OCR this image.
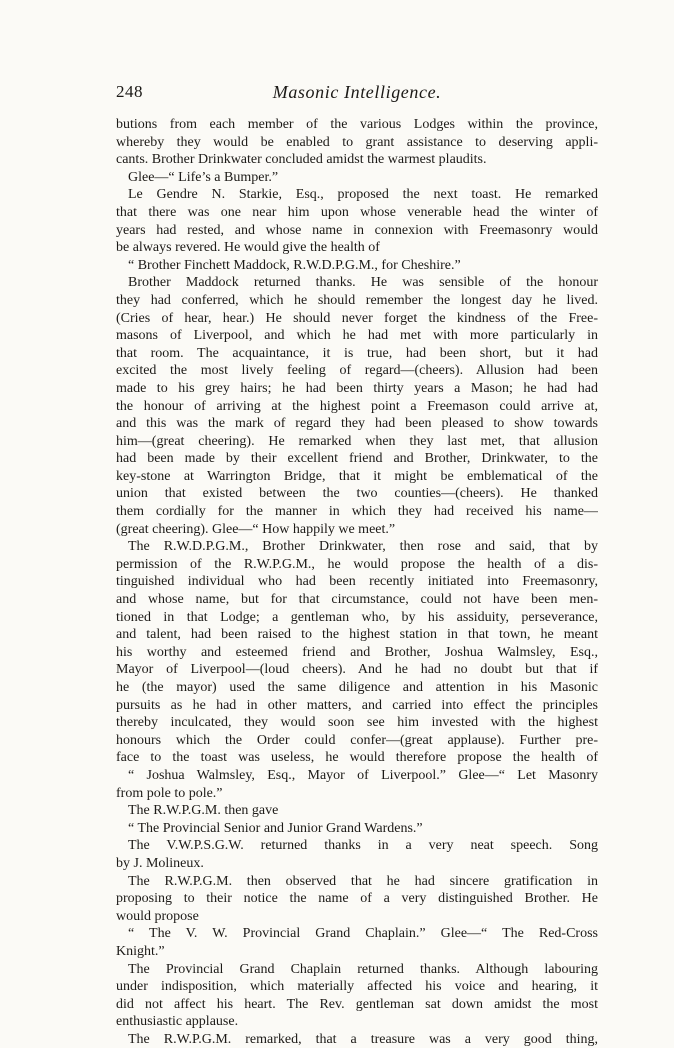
248	Masonic Intelligence.
butions from each member of the various Lodges within the province,
whereby they would be enabled to grant assistance to deserving appli-
cants. Brother Drinkwater concluded amidst the warmest plaudits.
Glee—“ Life’s a Bumper.”
Le Gendre N. Starkie, Esq., proposed the next toast. He remarked
that there was one near him upon whose venerable head the winter of
years had rested, and whose name in connexion with Freemasonry would
be always revered. He would give the health of
“ Brother Finchett Maddock, R.W.D.P.G.M., for Cheshire.”
Brother Maddock returned thanks. He was sensible of the honour
they had conferred, which he should remember the longest day he lived.
(Cries of hear, hear.) He should never forget the kindness of the Free-
masons of Liverpool, and which he had met with more particularly in
that room. The acquaintance, it is true, had been short, but it had
excited the most lively feeling of regard—(cheers). Allusion had been
made to his grey hairs; he had been thirty years a Mason; he had had
the honour of arriving at the highest point a Freemason could arrive at,
and this was the mark of regard they had been pleased to show towards
him—(great cheering). He remarked when they last met, that allusion
had been made by their excellent friend and Brother, Drinkwater, to the
key-stone at Warrington Bridge, that it might be emblematical of the
union that existed between the two counties—(cheers). He thanked
them cordially for the manner in which they had received his name—
(great cheering). Glee—“ How happily we meet.”
The R.W.D.P.G.M., Brother Drinkwater, then rose and said, that by
permission of the R.W.P.G.M., he would propose the health of a dis-
tinguished individual who had been recently initiated into Freemasonry,
and whose name, but for that circumstance, could not have been men-
tioned in that Lodge; a gentleman who, by his assiduity, perseverance,
and talent, had been raised to the highest station in that town, he meant
his worthy and esteemed friend and Brother, Joshua Walmsley, Esq.,
Mayor of Liverpool—(loud cheers). And he had no doubt but that if
he (the mayor) used the same diligence and attention in his Masonic
pursuits as he had in other matters, and carried into effect the principles
thereby inculcated, they would soon see him invested with the highest
honours which the Order could confer—(great applause). Further pre-
face to the toast was useless, he would therefore propose the health of
“ Joshua Walmsley, Esq., Mayor of Liverpool.” Glee—“ Let Masonry
from pole to pole.”
The R.W.P.G.M. then gave
“ The Provincial Senior and Junior Grand Wardens.”
The V.W.P.S.G.W. returned thanks in a very neat speech. Song
by J. Molineux.
The R.W.P.G.M. then observed that he had sincere gratification in
proposing to their notice the name of a very distinguished Brother. He
would propose
“ The V. W. Provincial Grand Chaplain.” Glee—“ The Red-Cross
Knight.”
The Provincial Grand Chaplain returned thanks. Although labouring
under indisposition, which materially affected his voice and hearing, it
did not affect his heart. The Rev. gentleman sat down amidst the most
enthusiastic applause.
The R.W.P.G.M. remarked, that a treasure was a very good thing,
